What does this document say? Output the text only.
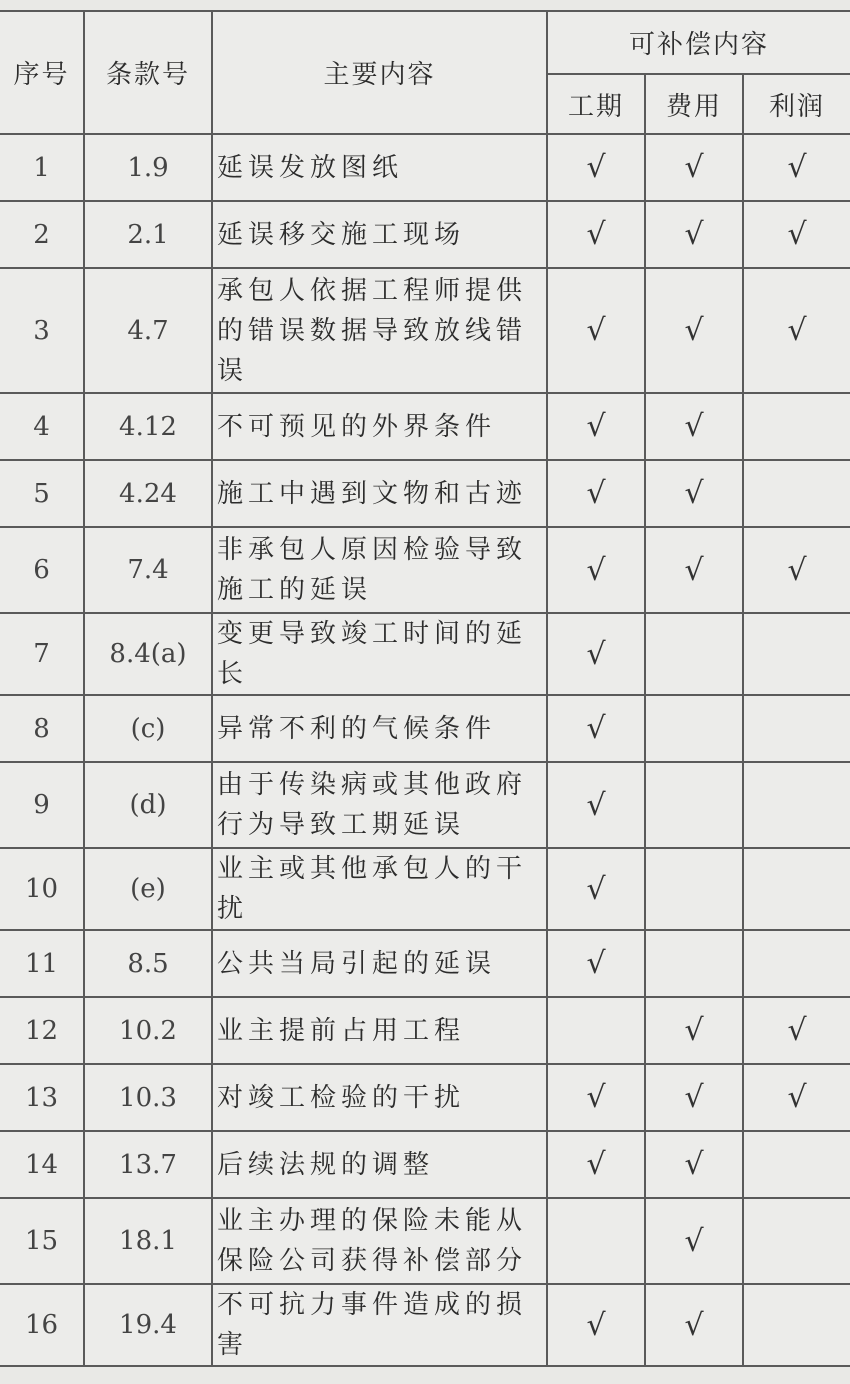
序号	条款号	主要内容	可补偿内容		
			工期	费用	利润
1	1.9	延误发放图纸	√	√	√
2	2.1	延误移交施工现场	√	√	√
3	4.7	承包人依据工程师提供的错误数据导致放线错误	√	√	√
4	4.12	不可预见的外界条件	√	√	
5	4.24	施工中遇到文物和古迹	√	√	
6	7.4	非承包人原因检验导致施工的延误	√	√	√
7	8.4(a)	变更导致竣工时间的延长	√		
8	(c)	异常不利的气候条件	√		
9	(d)	由于传染病或其他政府行为导致工期延误	√		
10	(e)	业主或其他承包人的干扰	√		
11	8.5	公共当局引起的延误	√		
12	10.2	业主提前占用工程		√	√
13	10.3	对竣工检验的干扰	√	√	√
14	13.7	后续法规的调整	√	√	
15	18.1	业主办理的保险未能从保险公司获得补偿部分		√	
16	19.4	不可抗力事件造成的损害	√	√	
